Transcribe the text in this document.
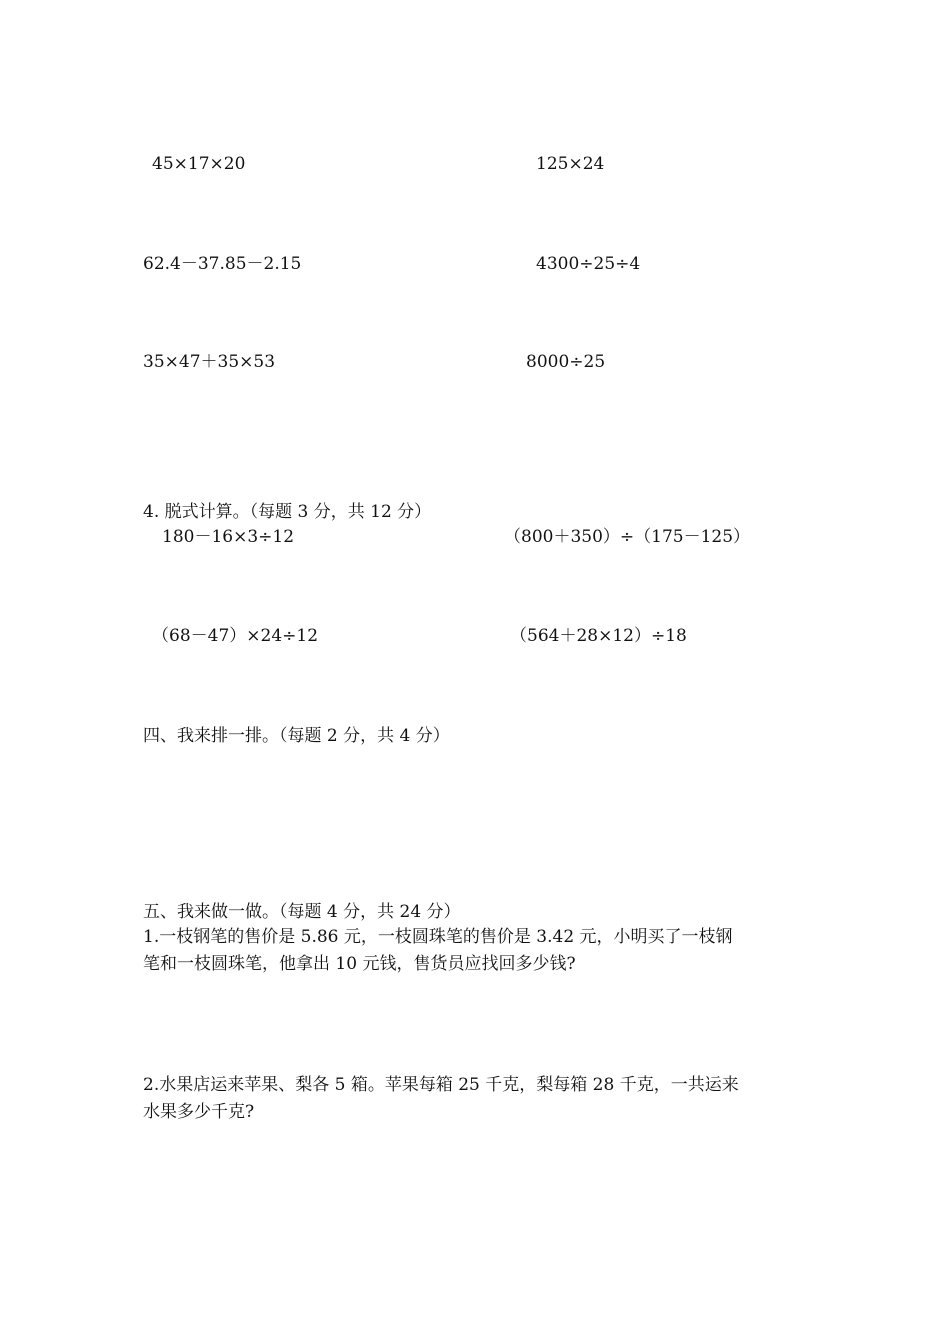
45×17×20	125×24
62.4－37.85－2.15	4300÷25÷4
35×47＋35×53	8000÷25
4. 脱式计算。（每题 3 分，共 12 分）
180－16×3÷12	（800＋350）÷（175－125）
（68－47）×24÷12	（564＋28×12）÷18
四、我来排一排。（每题 2 分，共 4 分）
五、我来做一做。（每题 4 分，共 24 分）
1.一枝钢笔的售价是 5.86 元，一枝圆珠笔的售价是 3.42 元，小明买了一枝钢
笔和一枝圆珠笔，他拿出 10 元钱，售货员应找回多少钱?
2.水果店运来苹果、梨各 5 箱。苹果每箱 25 千克，梨每箱 28 千克，一共运来
水果多少千克?
